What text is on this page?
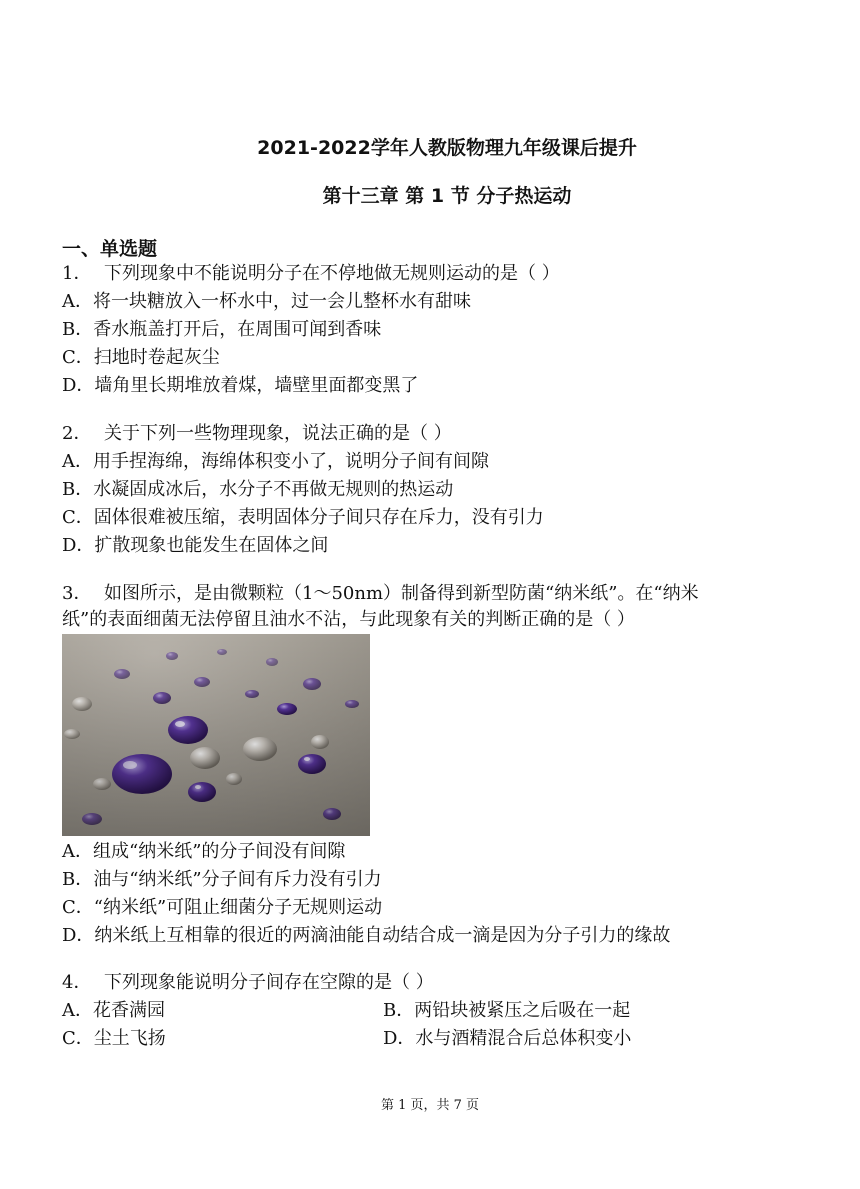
2021-2022学年人教版物理九年级课后提升
第十三章 第 1 节 分子热运动
一、单选题
1． 下列现象中不能说明分子在不停地做无规则运动的是（ ）
A．将一块糖放入一杯水中，过一会儿整杯水有甜味
B．香水瓶盖打开后，在周围可闻到香味
C．扫地时卷起灰尘
D．墙角里长期堆放着煤，墙壁里面都变黑了
2． 关于下列一些物理现象，说法正确的是（ ）
A．用手捏海绵，海绵体积变小了，说明分子间有间隙
B．水凝固成冰后，水分子不再做无规则的热运动
C．固体很难被压缩，表明固体分子间只存在斥力，没有引力
D．扩散现象也能发生在固体之间
3． 如图所示，是由微颗粒（1～50nm）制备得到新型防菌“纳米纸”。在“纳米
纸”的表面细菌无法停留且油水不沾，与此现象有关的判断正确的是（ ）
A．组成“纳米纸”的分子间没有间隙
B．油与“纳米纸”分子间有斥力没有引力
C．“纳米纸”可阻止细菌分子无规则运动
D．纳米纸上互相靠的很近的两滴油能自动结合成一滴是因为分子引力的缘故
4． 下列现象能说明分子间存在空隙的是（ ）
A．花香满园	B．两铅块被紧压之后吸在一起
C．尘土飞扬	D．水与酒精混合后总体积变小
第 1 页，共 7 页
